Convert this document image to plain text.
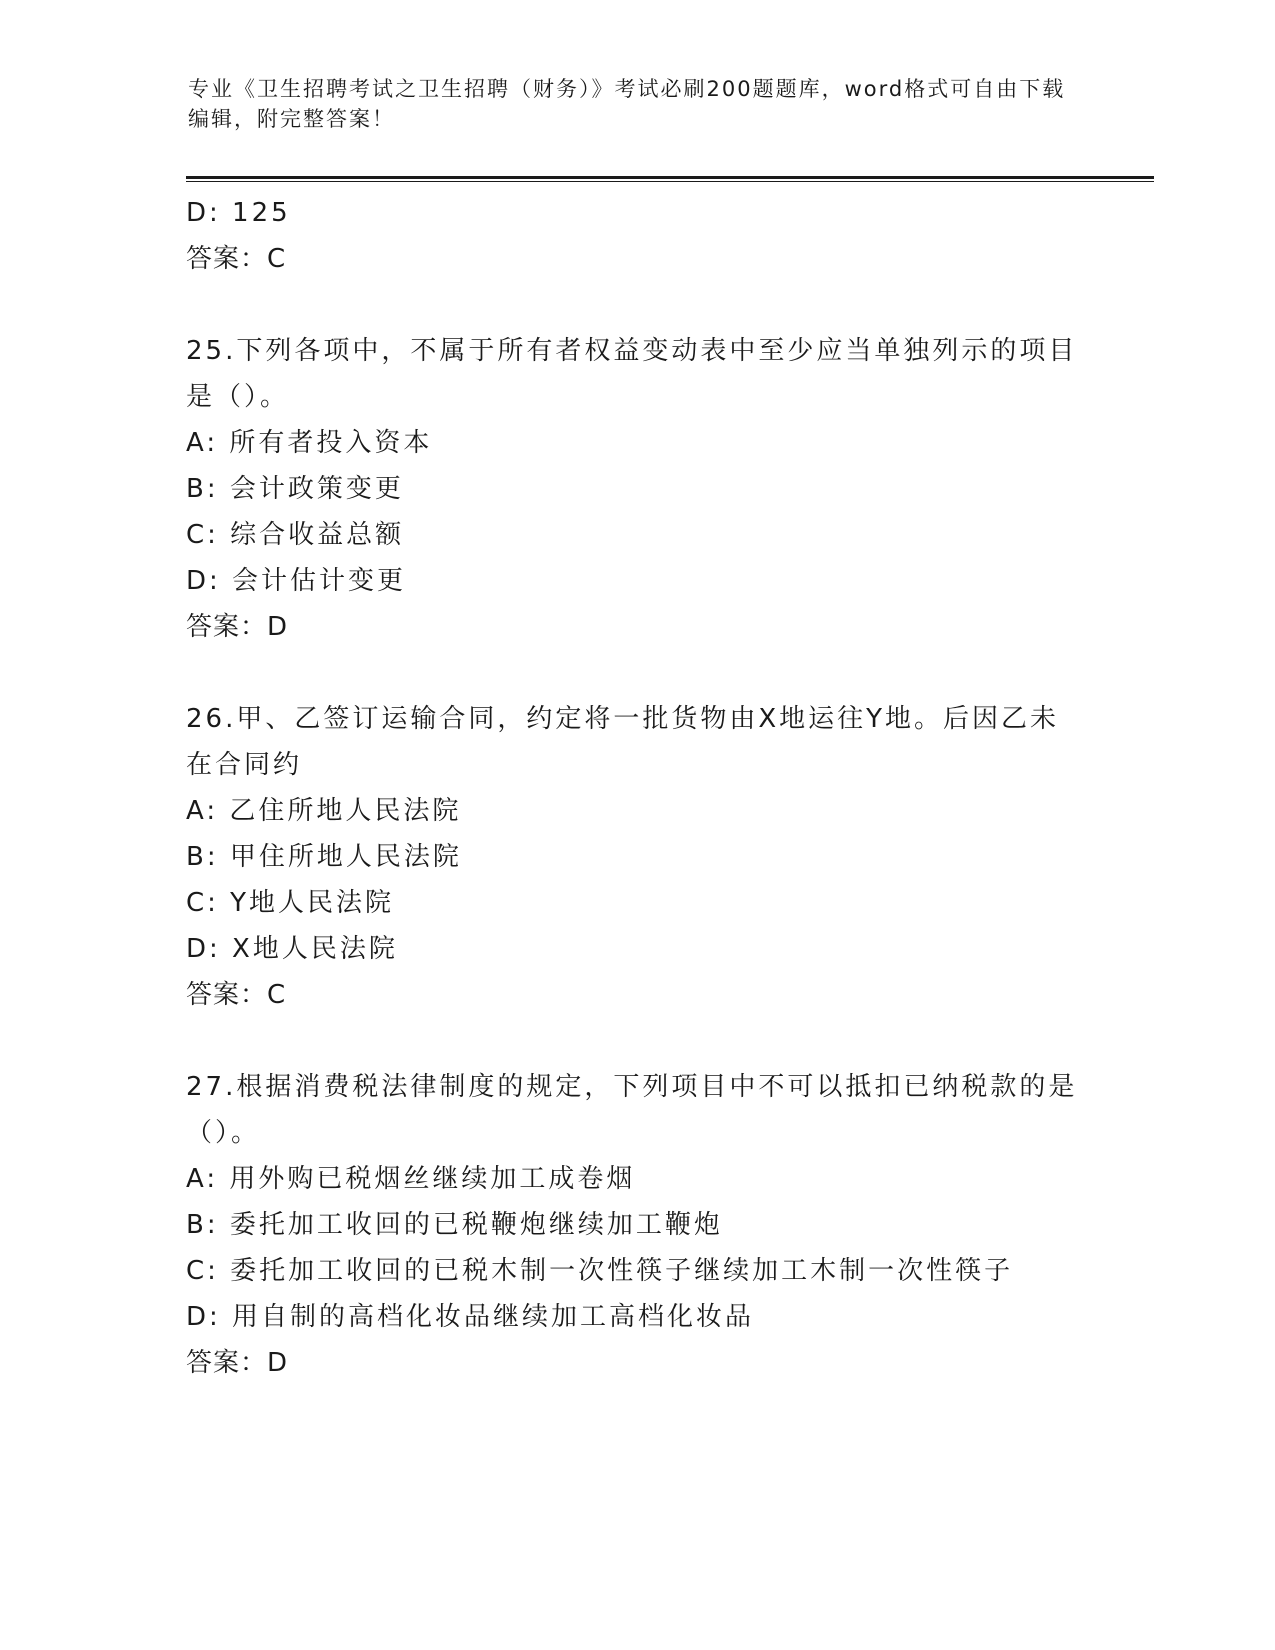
专业《卫生招聘考试之卫生招聘（财务）》考试必刷200题题库，word格式可自由下载编辑，附完整答案！
D: 125
答案：C
25.下列各项中，不属于所有者权益变动表中至少应当单独列示的项目是（）。
A: 所有者投入资本
B: 会计政策变更
C: 综合收益总额
D: 会计估计变更
答案：D
26.甲、乙签订运输合同，约定将一批货物由X地运往Y地。后因乙未在合同约
A: 乙住所地人民法院
B: 甲住所地人民法院
C: Y地人民法院
D: X地人民法院
答案：C
27.根据消费税法律制度的规定，下列项目中不可以抵扣已纳税款的是（）。
A: 用外购已税烟丝继续加工成卷烟
B: 委托加工收回的已税鞭炮继续加工鞭炮
C: 委托加工收回的已税木制一次性筷子继续加工木制一次性筷子
D: 用自制的高档化妆品继续加工高档化妆品
答案：D
